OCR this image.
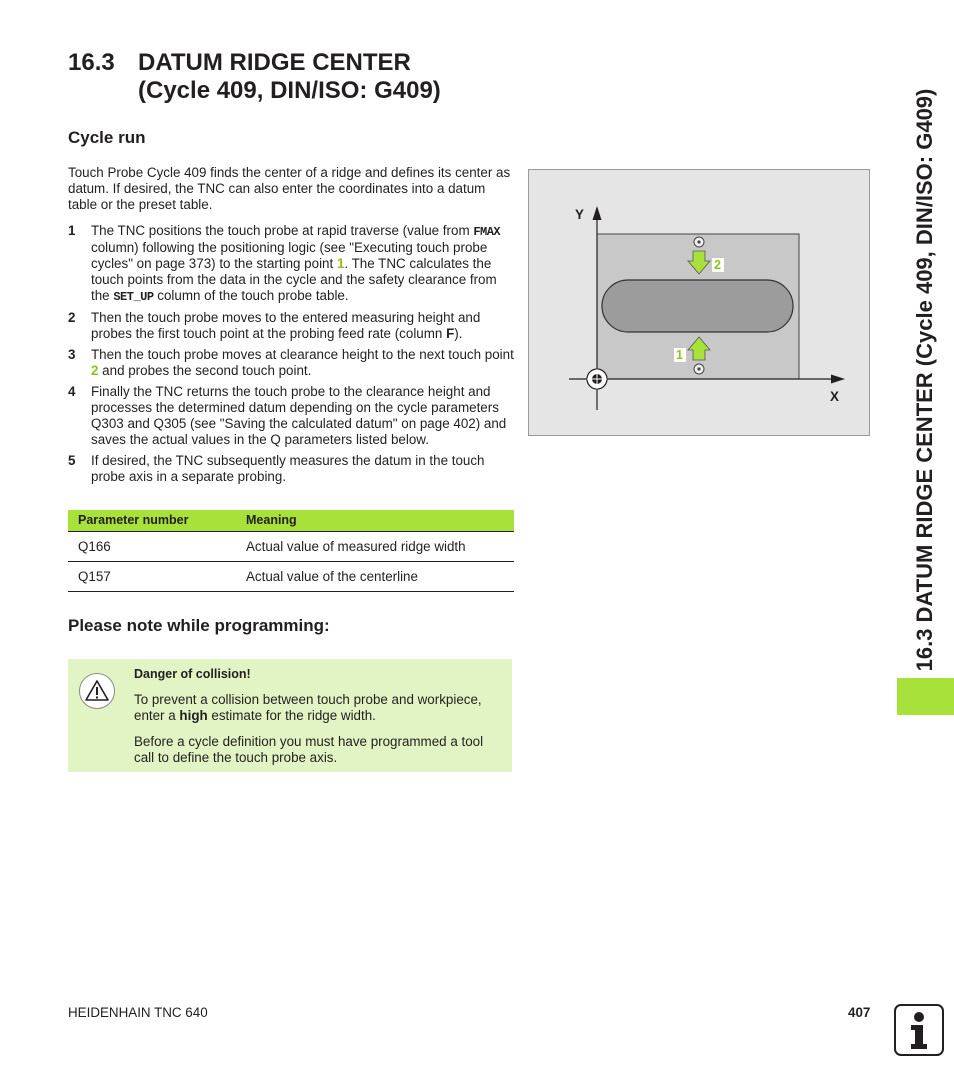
16.3 DATUM RIDGE CENTER
(Cycle 409, DIN/ISO: G409)
Cycle run
Touch Probe Cycle 409 finds the center of a ridge and defines its center as datum. If desired, the TNC can also enter the coordinates into a datum table or the preset table.
1 The TNC positions the touch probe at rapid traverse (value from FMAX column) following the positioning logic (see "Executing touch probe cycles" on page 373) to the starting point 1. The TNC calculates the touch points from the data in the cycle and the safety clearance from the SET_UP column of the touch probe table.
2 Then the touch probe moves to the entered measuring height and probes the first touch point at the probing feed rate (column F).
3 Then the touch probe moves at clearance height to the next touch point 2 and probes the second touch point.
4 Finally the TNC returns the touch probe to the clearance height and processes the determined datum depending on the cycle parameters Q303 and Q305 (see "Saving the calculated datum" on page 402) and saves the actual values in the Q parameters listed below.
5 If desired, the TNC subsequently measures the datum in the touch probe axis in a separate probing.
Parameter number	Meaning
Q166	Actual value of measured ridge width
Q157	Actual value of the centerline
Please note while programming:
Danger of collision!

To prevent a collision between touch probe and workpiece, enter a high estimate for the ridge width.

Before a cycle definition you must have programmed a tool call to define the touch probe axis.

Y
X
2
1	16.3 DATUM RIDGE CENTER (Cycle 409, DIN/ISO: G409)
HEIDENHAIN TNC 640	407
